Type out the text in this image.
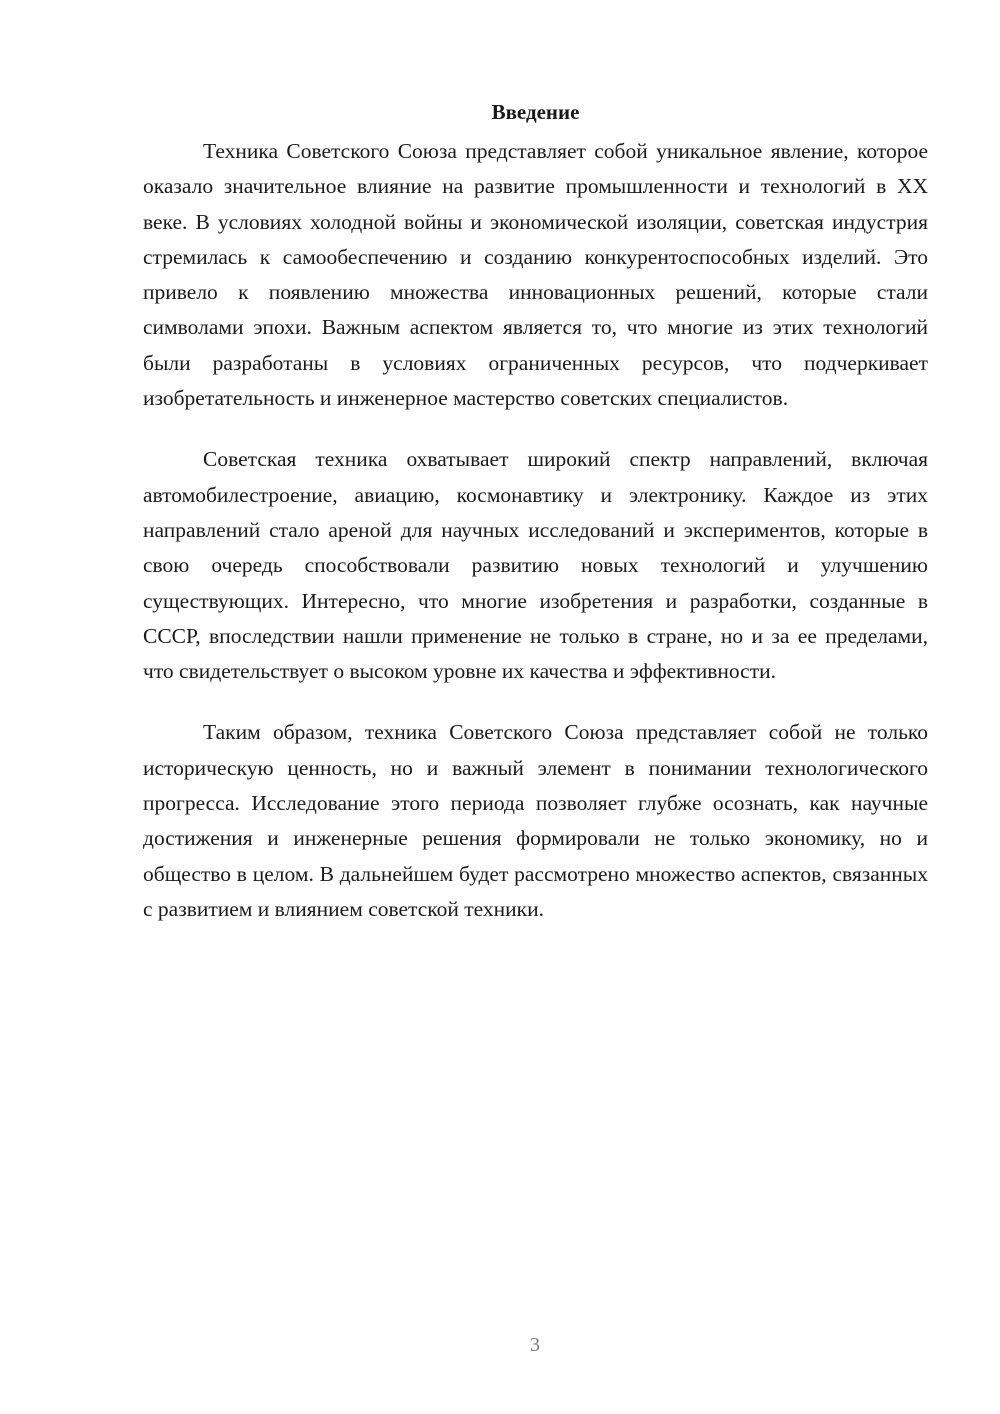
Введение

Техника Советского Союза представляет собой уникальное явление, которое оказало значительное влияние на развитие промышленности и технологий в XX веке. В условиях холодной войны и экономической изоляции, советская индустрия стремилась к самообеспечению и созданию конкурентоспособных изделий. Это привело к появлению множества инновационных решений, которые стали символами эпохи. Важным аспектом является то, что многие из этих технологий были разработаны в условиях ограниченных ресурсов, что подчеркивает изобретательность и инженерное мастерство советских специалистов.

Советская техника охватывает широкий спектр направлений, включая автомобилестроение, авиацию, космонавтику и электронику. Каждое из этих направлений стало ареной для научных исследований и экспериментов, которые в свою очередь способствовали развитию новых технологий и улучшению существующих. Интересно, что многие изобретения и разработки, созданные в СССР, впоследствии нашли применение не только в стране, но и за ее пределами, что свидетельствует о высоком уровне их качества и эффективности.

Таким образом, техника Советского Союза представляет собой не только историческую ценность, но и важный элемент в понимании технологического прогресса. Исследование этого периода позволяет глубже осознать, как научные достижения и инженерные решения формировали не только экономику, но и общество в целом. В дальнейшем будет рассмотрено множество аспектов, связанных с развитием и влиянием советской техники.

3
